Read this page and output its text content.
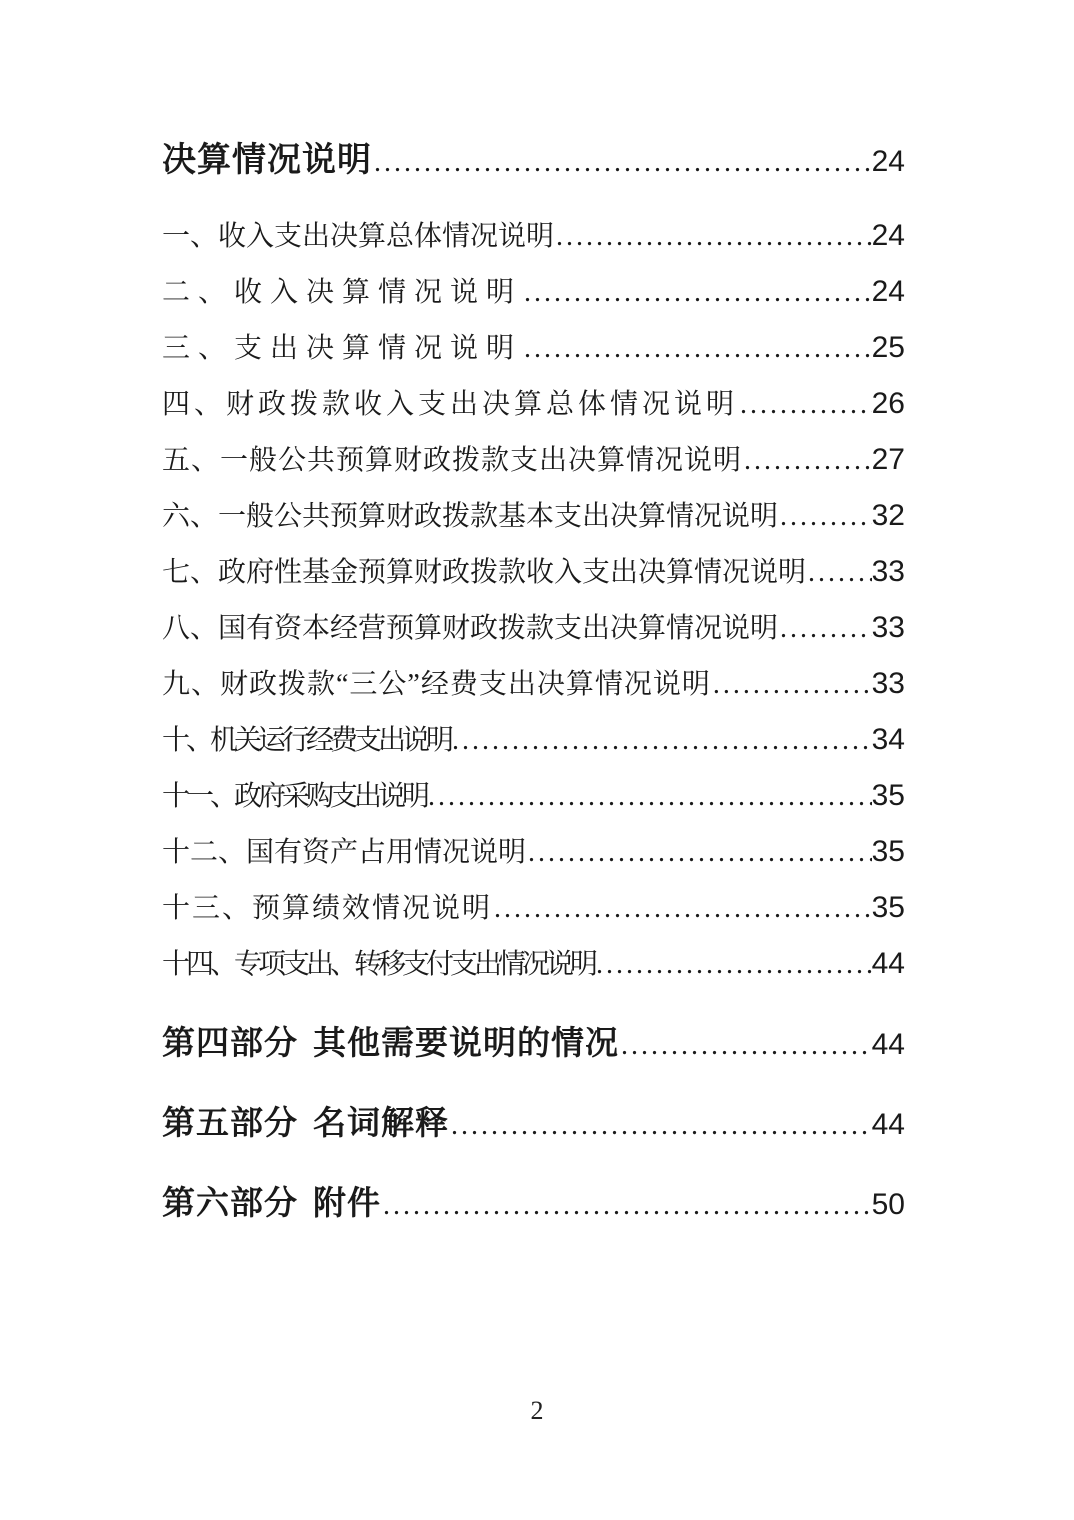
决算情况说明 .....	24
一、收入支出决算总体情况说明 .....	24
二、收入决算情况说明 .....	24
三、支出决算情况说明 .....	25
四、财政拨款收入支出决算总体情况说明 .....	26
五、一般公共预算财政拨款支出决算情况说明 .....	27
六、一般公共预算财政拨款基本支出决算情况说明 .....	32
七、政府性基金预算财政拨款收入支出决算情况说明 ..... 33
八、国有资本经营预算财政拨款支出决算情况说明 .....	33
九、财政拨款“三公”经费支出决算情况说明 .....	33
十、机关运行经费支出说明 .....	34
十一、政府采购支出说明 .....	35
十二、国有资产占用情况说明 .....	35
十三、预算绩效情况说明 .....	35
十四、专项支出、转移支付支出情况说明 .....	44
第四部分 其他需要说明的情况 .....	44
第五部分 名词解释 .....	44
第六部分 附件 .....	50
2
